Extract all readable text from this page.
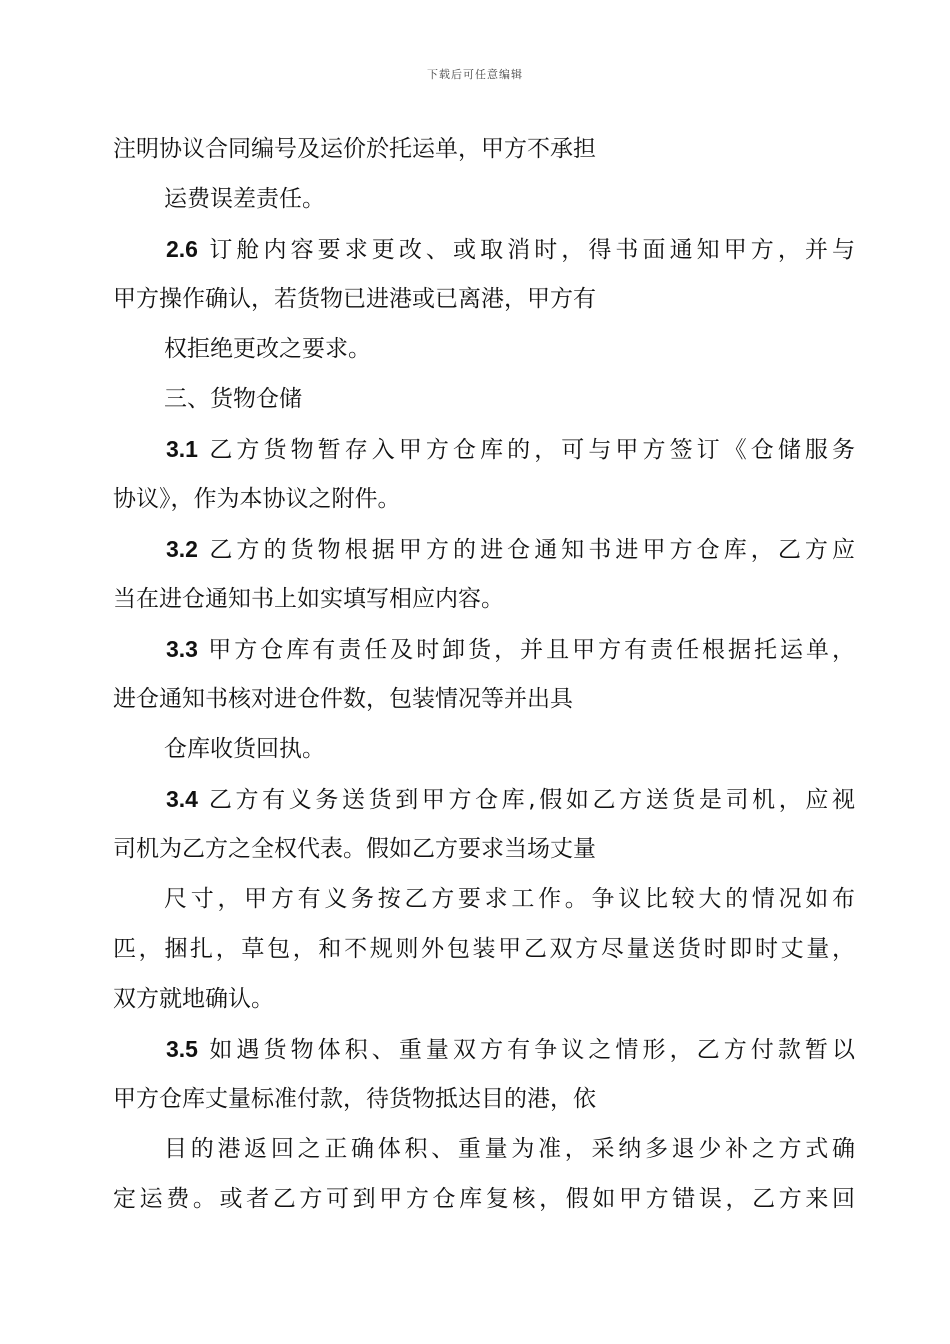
下载后可任意编辑
注明协议合同编号及运价於托运单，甲方不承担
运费误差责任。
2.6 订舱内容要求更改、或取消时，得书面通知甲方，并与
甲方操作确认，若货物已进港或已离港，甲方有
权拒绝更改之要求。
三、货物仓储
3.1 乙方货物暂存入甲方仓库的，可与甲方签订《仓储服务
协议》，作为本协议之附件。
3.2 乙方的货物根据甲方的进仓通知书进甲方仓库，乙方应
当在进仓通知书上如实填写相应内容。
3.3 甲方仓库有责任及时卸货，并且甲方有责任根据托运单，
进仓通知书核对进仓件数，包装情况等并出具
仓库收货回执。
3.4 乙方有义务送货到甲方仓库,假如乙方送货是司机，应视
司机为乙方之全权代表。假如乙方要求当场丈量
尺寸，甲方有义务按乙方要求工作。争议比较大的情况如布
匹，捆扎，草包，和不规则外包装甲乙双方尽量送货时即时丈量，
双方就地确认。
3.5 如遇货物体积、重量双方有争议之情形，乙方付款暂以
甲方仓库丈量标准付款，待货物抵达目的港，依
目的港返回之正确体积、重量为准，采纳多退少补之方式确
定运费。或者乙方可到甲方仓库复核，假如甲方错误，乙方来回
